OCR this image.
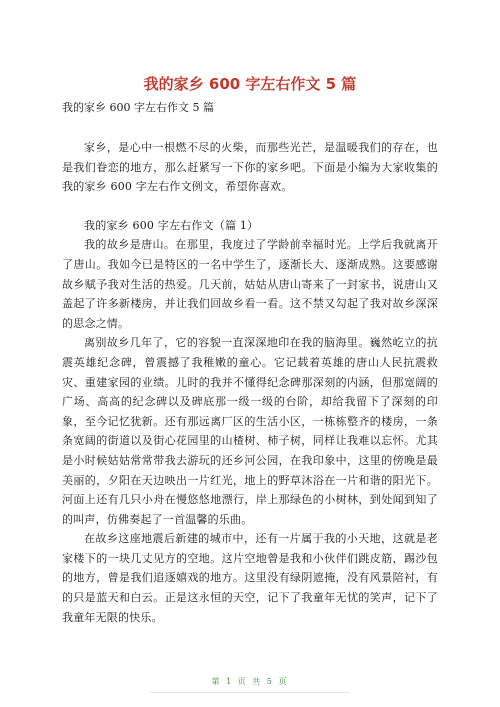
我的家乡 600 字左右作文 5 篇
我的家乡 600 字左右作文 5 篇

家乡，是心中一根燃不尽的火柴，而那些光芒，是温暖我们的存在，也是我们眷恋的地方，那么赶紧写一下你的家乡吧。下面是小编为大家收集的我的家乡 600 字左右作文例文，希望你喜欢。

我的家乡 600 字左右作文（篇 1）

我的故乡是唐山。在那里，我度过了学龄前幸福时光。上学后我就离开了唐山。我如今已是特区的一名中学生了，逐渐长大、逐渐成熟。这要感谢故乡赋予我对生活的热爱。几天前，姑姑从唐山寄来了一封家书，说唐山又盖起了许多新楼房，并让我们回故乡看一看。这不禁又勾起了我对故乡深深的思念之情。

离别故乡几年了，它的容貌一直深深地印在我的脑海里。巍然屹立的抗震英雄纪念碑，曾震撼了我稚嫩的童心。它记载着英雄的唐山人民抗震救灾、重建家园的业绩。儿时的我并不懂得纪念碑那深刻的内涵，但那宽阔的广场、高高的纪念碑以及碑底那一级一级的台阶，却给我留下了深刻的印象，至今记忆犹新。还有那远离厂区的生活小区，一栋栋整齐的楼房，一条条宽阔的街道以及街心花园里的山楂树、柿子树，同样让我难以忘怀。尤其是小时候姑姑常常带我去游玩的还乡河公园，在我印象中，这里的傍晚是最美丽的，夕阳在天边映出一片红光，地上的野草沐浴在一片和谐的阳光下。河面上还有几只小舟在慢悠悠地漂行，岸上那绿色的小树林，到处闻到知了的叫声，仿佛奏起了一首温馨的乐曲。

在故乡这座地震后新建的城市中，还有一片属于我的小天地，这就是老家楼下的一块几丈见方的空地。这片空地曾是我和小伙伴们跳皮筋，踢沙包的地方，曾是我们追逐嬉戏的地方。这里没有绿阴遮掩，没有风景陪衬，有的只是蓝天和白云。正是这永恒的天空，记下了我童年无忧的笑声，记下了我童年无限的快乐。

第 1 页 共 5 页
